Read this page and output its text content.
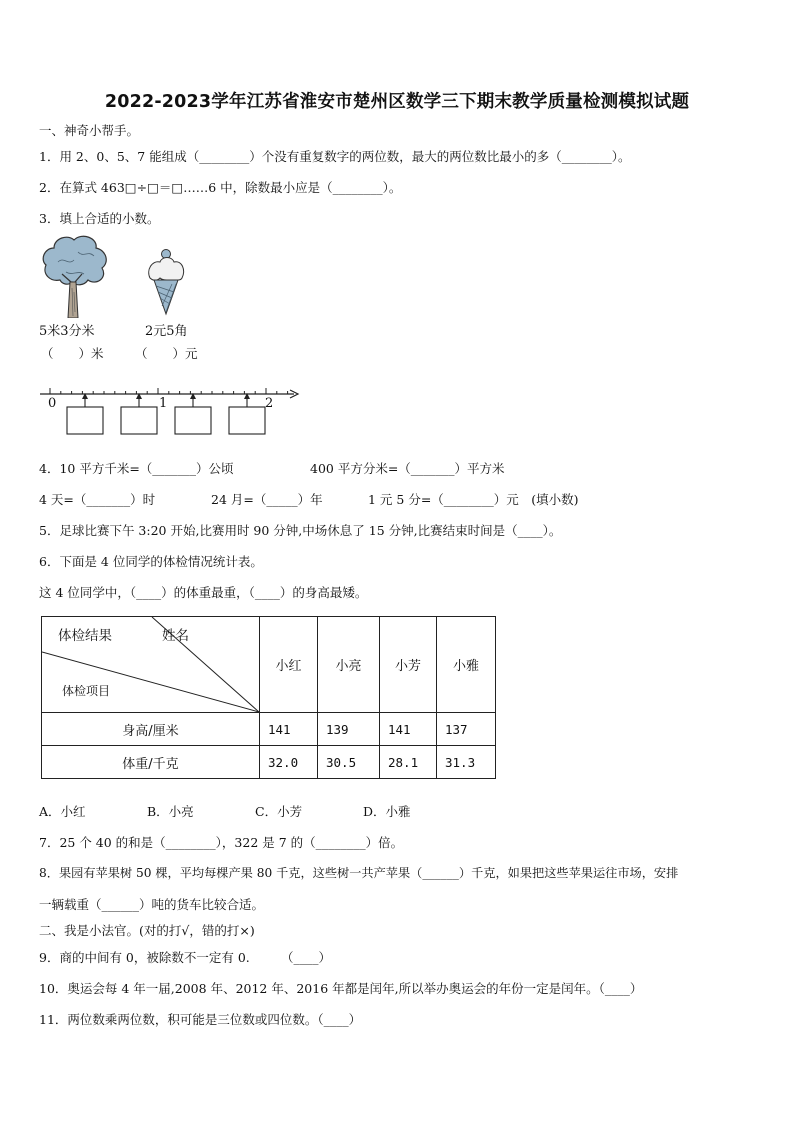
2022-2023学年江苏省淮安市楚州区数学三下期末教学质量检测模拟试题
一、神奇小帮手。
1．用 2、0、5、7 能组成（________）个没有重复数字的两位数，最大的两位数比最小的多（________）。
2．在算式 463□÷□＝□……6 中，除数最小应是（________）。
3．填上合适的小数。
5米3分米	2元5角
（　　）米	（　　）元
0	1	2
4．10 平方千米=（_______）公顷	400 平方分米=（_______）平方米
4 天=（_______）时	24 月=（_____）年	1 元 5 分=（________）元　(填小数)
5．足球比赛下午 3:20 开始,比赛用时 90 分钟,中场休息了 15 分钟,比赛结束时间是（____）。
6．下面是 4 位同学的体检情况统计表。
这 4 位同学中，（____）的体重最重，（____）的身高最矮。
体检结果 姓名
体检项目	小红	小亮	小芳	小雅
身高/厘米	141	139	141	137
体重/千克	32.0	30.5	28.1	31.3
A．小红	B．小亮	C．小芳	D．小雅
7．25 个 40 的和是（________），322 是 7 的（________）倍。
8．果园有苹果树 50 棵，平均每棵产果 80 千克，这些树一共产苹果（______）千克，如果把这些苹果运往市场，安排
一辆载重（______）吨的货车比较合适。
二、我是小法官。(对的打√，错的打×)
9．商的中间有 0，被除数不一定有 0.　　　（____）
10．奥运会每 4 年一届,2008 年、2012 年、2016 年都是闰年,所以举办奥运会的年份一定是闰年。（____）
11．两位数乘两位数，积可能是三位数或四位数。（____）
